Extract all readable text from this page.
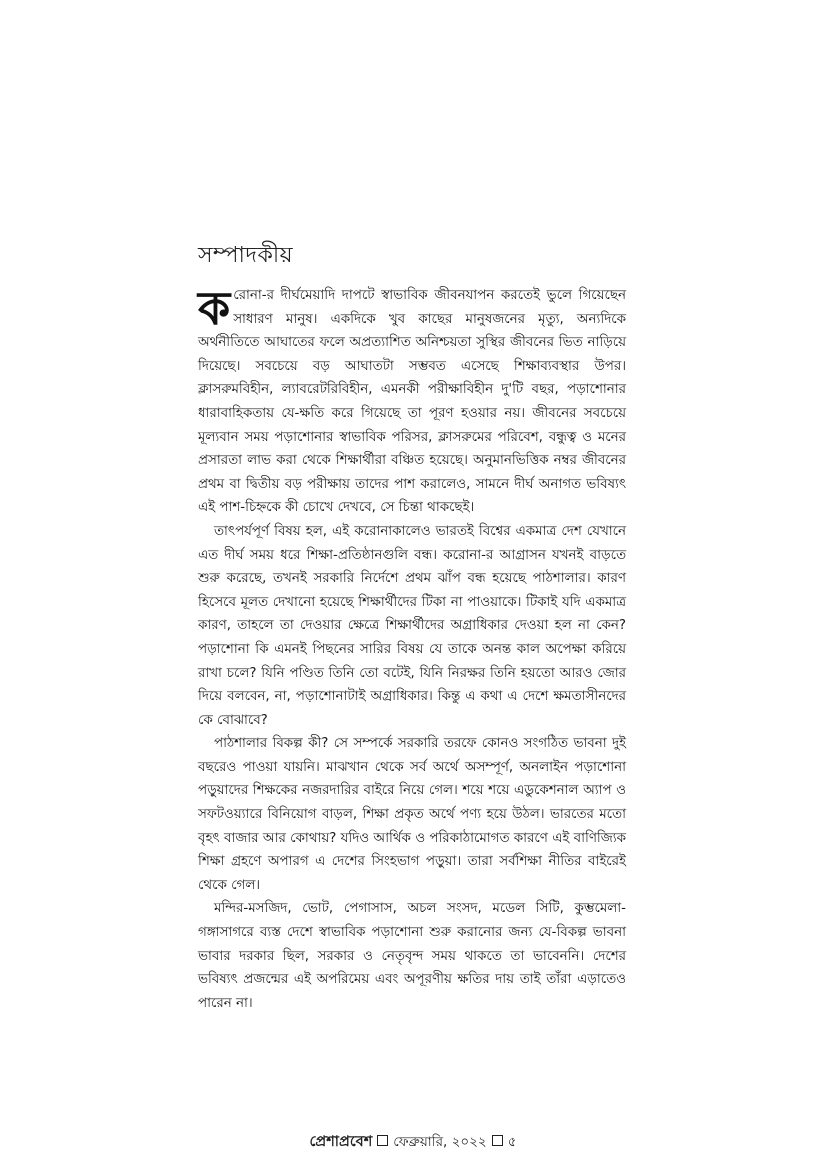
সম্পাদকীয়

করোনা-র দীর্ঘমেয়াদি দাপটে স্বাভাবিক জীবনযাপন করতেই ভুলে গিয়েছেন সাধারণ মানুষ। একদিকে খুব কাছের মানুষজনের মৃত্যু, অন্যদিকে অর্থনীতিতে আঘাতের ফলে অপ্রত্যাশিত অনিশ্চয়তা সুস্থির জীবনের ভিত নাড়িয়ে দিয়েছে। সবচেয়ে বড় আঘাতটা সম্ভবত এসেছে শিক্ষাব্যবস্থার উপর। ক্লাসরুমবিহীন, ল্যাবরেটরিবিহীন, এমনকী পরীক্ষাবিহীন দু'টি বছর, পড়াশোনার ধারাবাহিকতায় যে-ক্ষতি করে গিয়েছে তা পূরণ হওয়ার নয়। জীবনের সবচেয়ে মূল্যবান সময় পড়াশোনার স্বাভাবিক পরিসর, ক্লাসরুমের পরিবেশ, বন্ধুত্ব ও মনের প্রসারতা লাভ করা থেকে শিক্ষার্থীরা বঞ্চিত হয়েছে। অনুমানভিত্তিক নম্বর জীবনের প্রথম বা দ্বিতীয় বড় পরীক্ষায় তাদের পাশ করালেও, সামনে দীর্ঘ অনাগত ভবিষ্যৎ এই পাশ-চিহ্নকে কী চোখে দেখবে, সে চিন্তা থাকছেই।

তাৎপর্যপূর্ণ বিষয় হল, এই করোনাকালেও ভারতই বিশ্বের একমাত্র দেশ যেখানে এত দীর্ঘ সময় ধরে শিক্ষা-প্রতিষ্ঠানগুলি বন্ধ। করোনা-র আগ্রাসন যখনই বাড়তে শুরু করেছে, তখনই সরকারি নির্দেশে প্রথম ঝাঁপ বন্ধ হয়েছে পাঠশালার। কারণ হিসেবে মূলত দেখানো হয়েছে শিক্ষার্থীদের টিকা না পাওয়াকে। টিকাই যদি একমাত্র কারণ, তাহলে তা দেওয়ার ক্ষেত্রে শিক্ষার্থীদের অগ্রাধিকার দেওয়া হল না কেন? পড়াশোনা কি এমনই পিছনের সারির বিষয় যে তাকে অনন্ত কাল অপেক্ষা করিয়ে রাখা চলে? যিনি পণ্ডিত তিনি তো বটেই, যিনি নিরক্ষর তিনি হয়তো আরও জোর দিয়ে বলবেন, না, পড়াশোনাটাই অগ্রাধিকার। কিন্তু এ কথা এ দেশে ক্ষমতাসীনদের কে বোঝাবে?

পাঠশালার বিকল্প কী? সে সম্পর্কে সরকারি তরফে কোনও সংগঠিত ভাবনা দুই বছরেও পাওয়া যায়নি। মাঝখান থেকে সর্ব অর্থে অসম্পূর্ণ, অনলাইন পড়াশোনা পড়ুয়াদের শিক্ষকের নজরদারির বাইরে নিয়ে গেল। শয়ে শয়ে এডুকেশনাল অ্যাপ ও সফটওয়্যারে বিনিয়োগ বাড়ল, শিক্ষা প্রকৃত অর্থে পণ্য হয়ে উঠল। ভারতের মতো বৃহৎ বাজার আর কোথায়? যদিও আর্থিক ও পরিকাঠামোগত কারণে এই বাণিজ্যিক শিক্ষা গ্রহণে অপারগ এ দেশের সিংহভাগ পড়ুয়া। তারা সর্বশিক্ষা নীতির বাইরেই থেকে গেল।

মন্দির-মসজিদ, ভোট, পেগাসাস, অচল সংসদ, মডেল সিটি, কুম্ভমেলা-গঙ্গাসাগরে ব্যস্ত দেশে স্বাভাবিক পড়াশোনা শুরু করানোর জন্য যে-বিকল্প ভাবনা ভাবার দরকার ছিল, সরকার ও নেতৃবৃন্দ সময় থাকতে তা ভাবেননি। দেশের ভবিষ্যৎ প্রজন্মের এই অপরিমেয় এবং অপূরণীয় ক্ষতির দায় তাই তাঁরা এড়াতেও পারেন না।

প্রেশাপ্রবেশ ফেব্রুয়ারি, ২০২২ ৫
